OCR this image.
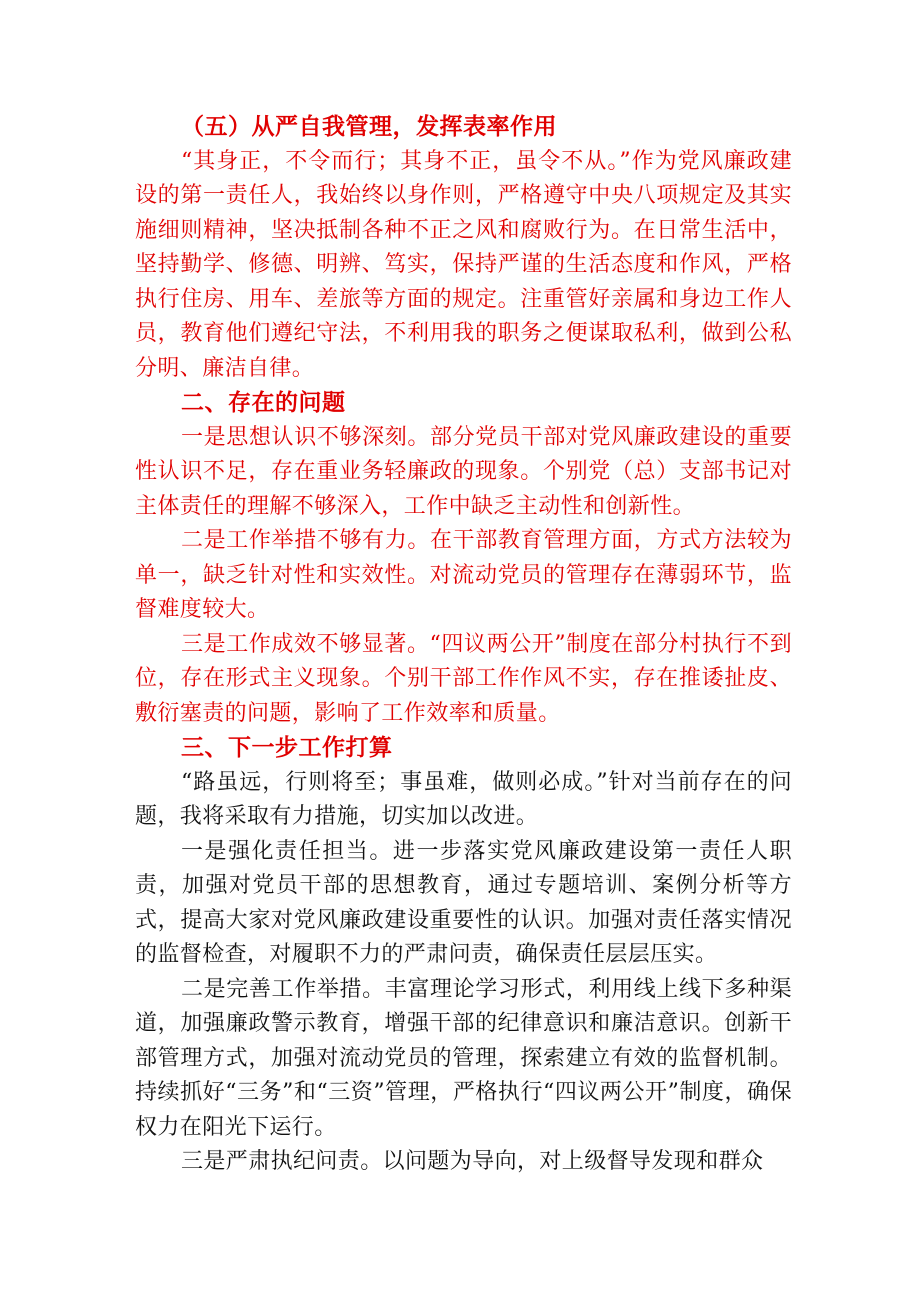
（五）从严自我管理，发挥表率作用

“其身正，不令而行；其身不正，虽令不从。”作为党风廉政建设的第一责任人，我始终以身作则，严格遵守中央八项规定及其实施细则精神，坚决抵制各种不正之风和腐败行为。在日常生活中，坚持勤学、修德、明辨、笃实，保持严谨的生活态度和作风，严格执行住房、用车、差旅等方面的规定。注重管好亲属和身边工作人员，教育他们遵纪守法，不利用我的职务之便谋取私利，做到公私分明、廉洁自律。

二、存在的问题

一是思想认识不够深刻。部分党员干部对党风廉政建设的重要性认识不足，存在重业务轻廉政的现象。个别党（总）支部书记对主体责任的理解不够深入，工作中缺乏主动性和创新性。

二是工作举措不够有力。在干部教育管理方面，方式方法较为单一，缺乏针对性和实效性。对流动党员的管理存在薄弱环节，监督难度较大。

三是工作成效不够显著。“四议两公开”制度在部分村执行不到位，存在形式主义现象。个别干部工作作风不实，存在推诿扯皮、敷衍塞责的问题，影响了工作效率和质量。

三、下一步工作打算

“路虽远，行则将至；事虽难，做则必成。”针对当前存在的问题，我将采取有力措施，切实加以改进。

一是强化责任担当。进一步落实党风廉政建设第一责任人职责，加强对党员干部的思想教育，通过专题培训、案例分析等方式，提高大家对党风廉政建设重要性的认识。加强对责任落实情况的监督检查，对履职不力的严肃问责，确保责任层层压实。

二是完善工作举措。丰富理论学习形式，利用线上线下多种渠道，加强廉政警示教育，增强干部的纪律意识和廉洁意识。创新干部管理方式，加强对流动党员的管理，探索建立有效的监督机制。持续抓好“三务”和“三资”管理，严格执行“四议两公开”制度，确保权力在阳光下运行。

三是严肃执纪问责。以问题为导向，对上级督导发现和群众
